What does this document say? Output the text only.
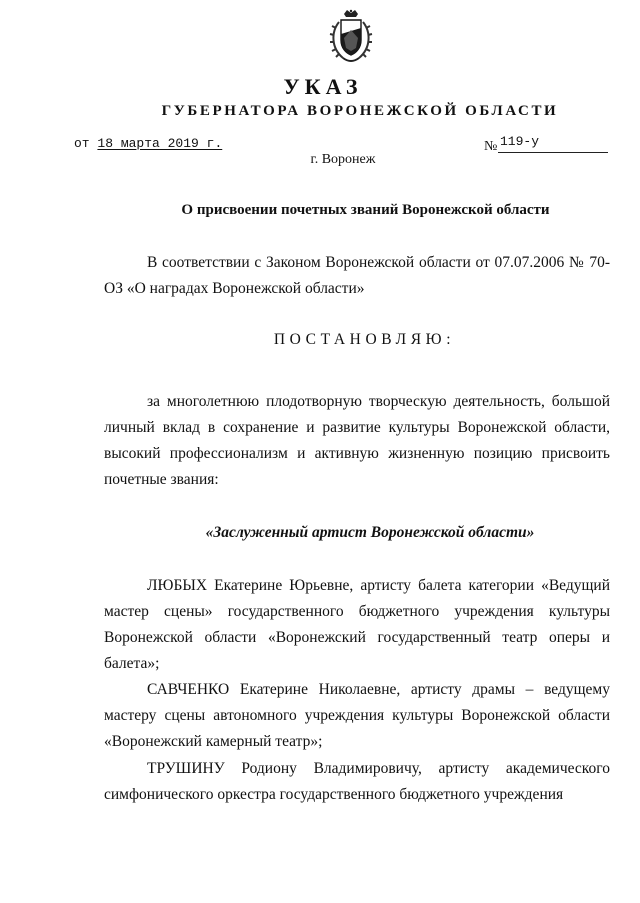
УКАЗ
ГУБЕРНАТОРА ВОРОНЕЖСКОЙ ОБЛАСТИ
от 18 марта 2019 г.	№ 119-у
г. Воронеж
О присвоении почетных званий Воронежской области

В соответствии с Законом Воронежской области от 07.07.2006 № 70-ОЗ «О наградах Воронежской области»

ПОСТАНОВЛЯЮ:

за многолетнюю плодотворную творческую деятельность, большой личный вклад в сохранение и развитие культуры Воронежской области, высокий профессионализм и активную жизненную позицию присвоить почетные звания:

«Заслуженный артист Воронежской области»

ЛЮБЫХ Екатерине Юрьевне, артисту балета категории «Ведущий мастер сцены» государственного бюджетного учреждения культуры Воронежской области «Воронежский государственный театр оперы и балета»;

САВЧЕНКО Екатерине Николаевне, артисту драмы – ведущему мастеру сцены автономного учреждения культуры Воронежской области «Воронежский камерный театр»;

ТРУШИНУ Родиону Владимировичу, артисту академического симфонического оркестра государственного бюджетного учреждения
